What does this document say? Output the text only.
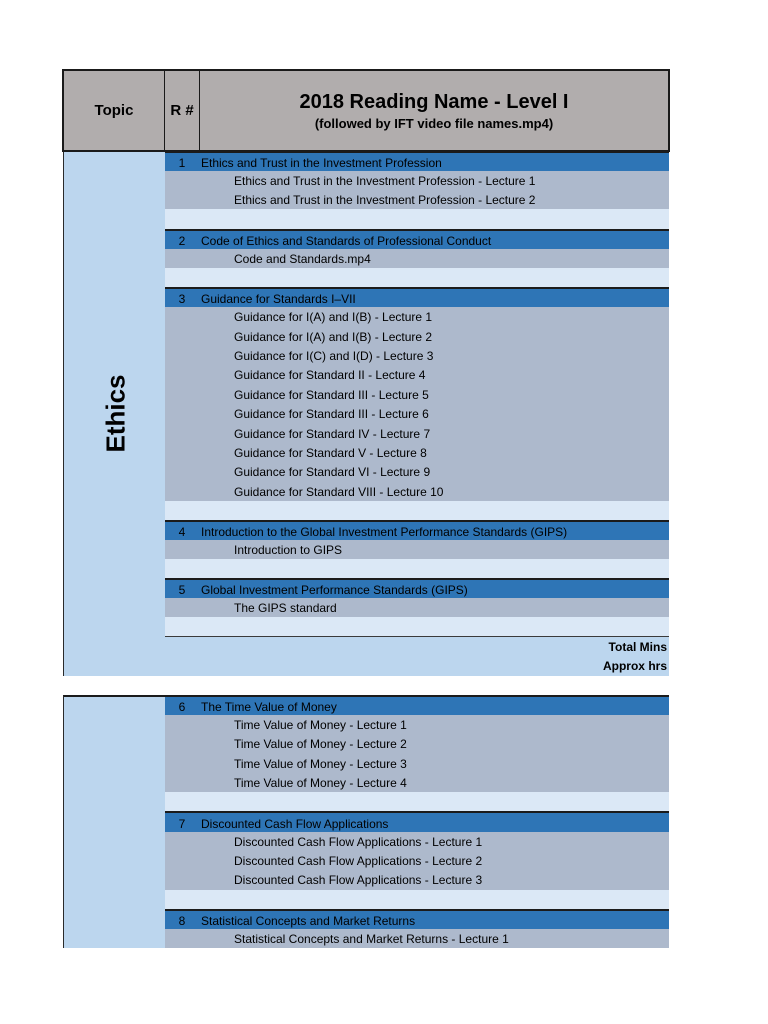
Topic R #	2018 Reading Name - Level I
(followed by IFT video file names.mp4)
Ethics
1	Ethics and Trust in the Investment Profession
Ethics and Trust in the Investment Profession - Lecture 1
Ethics and Trust in the Investment Profession - Lecture 2
2	Code of Ethics and Standards of Professional Conduct
Code and Standards.mp4
3	Guidance for Standards I–VII
Guidance for I(A) and I(B) - Lecture 1
Guidance for I(A) and I(B) - Lecture 2
Guidance for I(C) and I(D) - Lecture 3
Guidance for Standard II - Lecture 4
Guidance for Standard III - Lecture 5
Guidance for Standard III - Lecture 6
Guidance for Standard IV - Lecture 7
Guidance for Standard V - Lecture 8
Guidance for Standard VI - Lecture 9
Guidance for Standard VIII - Lecture 10
4	Introduction to the Global Investment Performance Standards (GIPS)
Introduction to GIPS
5	Global Investment Performance Standards (GIPS)
The GIPS standard
Total Mins
Approx hrs
6	The Time Value of Money
Time Value of Money - Lecture 1
Time Value of Money - Lecture 2
Time Value of Money - Lecture 3
Time Value of Money - Lecture 4
7	Discounted Cash Flow Applications
Discounted Cash Flow Applications - Lecture 1
Discounted Cash Flow Applications - Lecture 2
Discounted Cash Flow Applications - Lecture 3
8	Statistical Concepts and Market Returns
Statistical Concepts and Market Returns - Lecture 1
